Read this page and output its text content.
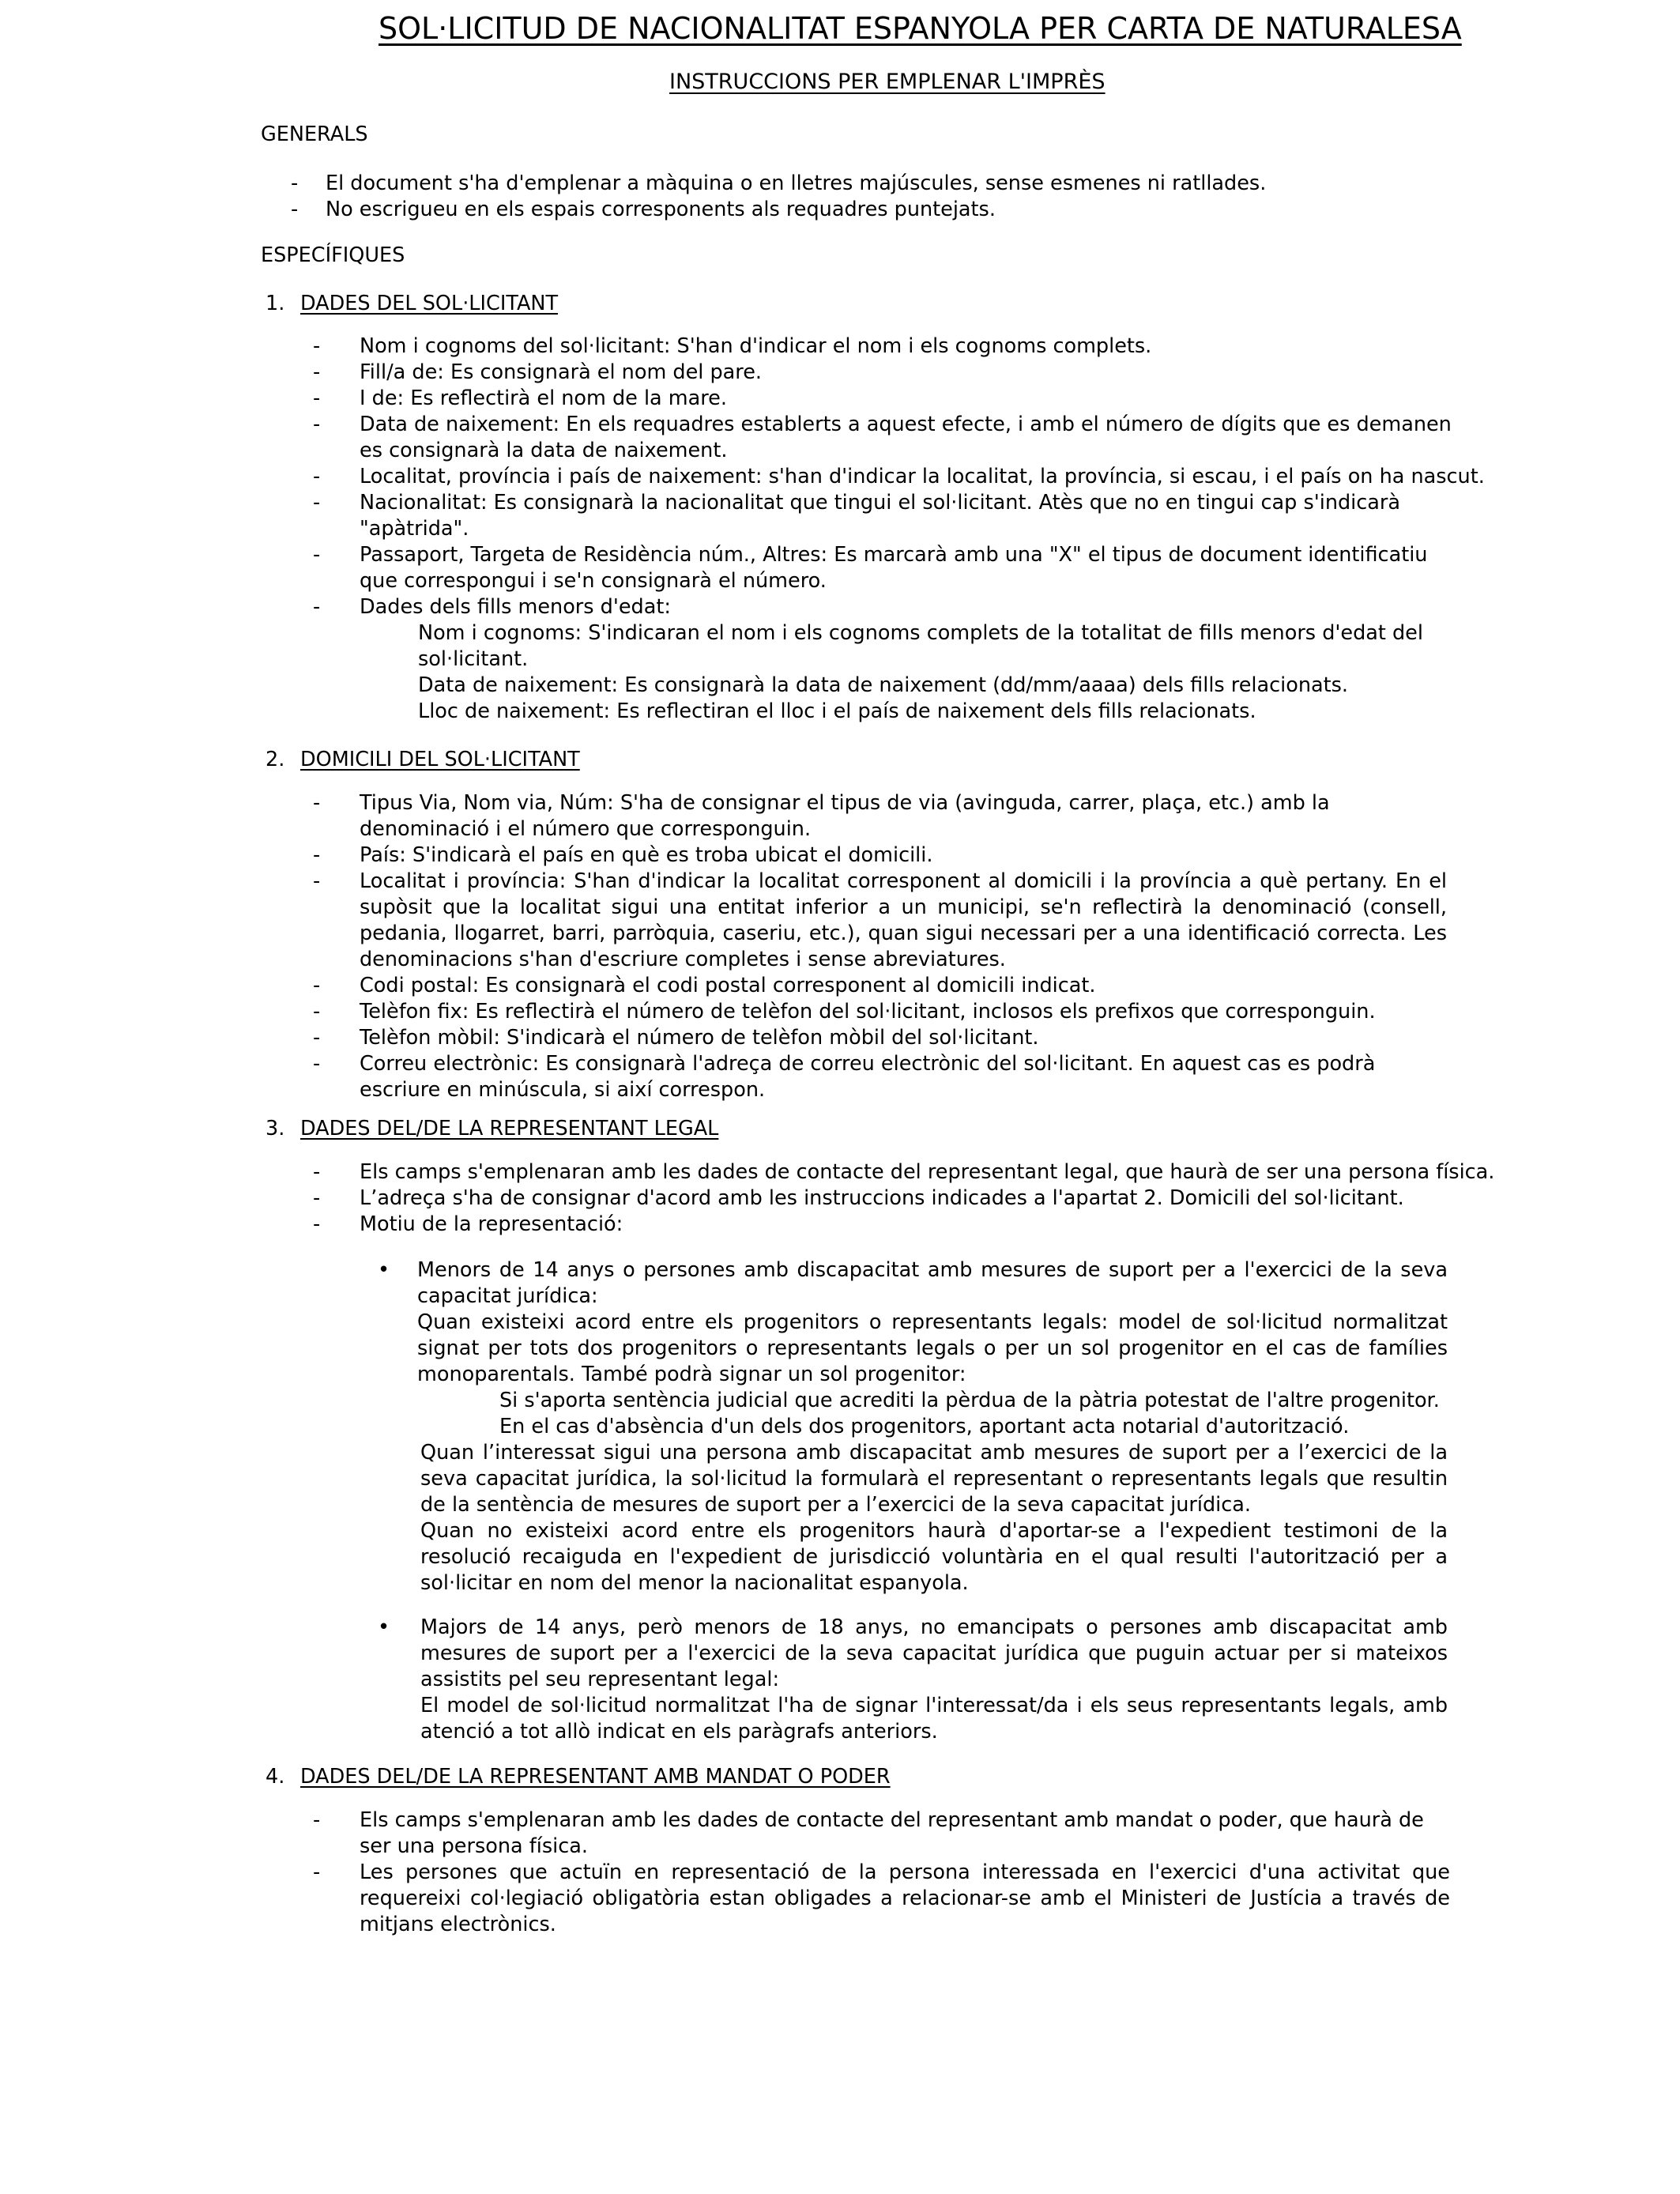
SOL·LICITUD DE NACIONALITAT ESPANYOLA PER CARTA DE NATURALESA
INSTRUCCIONS PER EMPLENAR L'IMPRÈS
GENERALS
- El document s'ha d'emplenar a màquina o en lletres majúscules, sense esmenes ni ratllades.
- No escrigueu en els espais corresponents als requadres puntejats.
ESPECÍFIQUES
1. DADES DEL SOL·LICITANT
- Nom i cognoms del sol·licitant: S'han d'indicar el nom i els cognoms complets.
- Fill/a de: Es consignarà el nom del pare.
- I de: Es reflectirà el nom de la mare.
- Data de naixement: En els requadres establerts a aquest efecte, i amb el número de dígits que es demanen es consignarà la data de naixement.
- Localitat, província i país de naixement: s'han d'indicar la localitat, la província, si escau, i el país on ha nascut.
- Nacionalitat: Es consignarà la nacionalitat que tingui el sol·licitant. Atès que no en tingui cap s'indicarà "apàtrida".
- Passaport, Targeta de Residència núm., Altres: Es marcarà amb una "X" el tipus de document identificatiu que correspongui i se'n consignarà el número.
- Dades dels fills menors d'edat:
Nom i cognoms: S'indicaran el nom i els cognoms complets de la totalitat de fills menors d'edat del sol·licitant.
Data de naixement: Es consignarà la data de naixement (dd/mm/aaaa) dels fills relacionats.
Lloc de naixement: Es reflectiran el lloc i el país de naixement dels fills relacionats.
2. DOMICILI DEL SOL·LICITANT
- Tipus Via, Nom via, Núm: S'ha de consignar el tipus de via (avinguda, carrer, plaça, etc.) amb la denominació i el número que corresponguin.
- País: S'indicarà el país en què es troba ubicat el domicili.
- Localitat i província: S'han d'indicar la localitat corresponent al domicili i la província a què pertany. En el supòsit que la localitat sigui una entitat inferior a un municipi, se'n reflectirà la denominació (consell, pedania, llogarret, barri, parròquia, caseriu, etc.), quan sigui necessari per a una identificació correcta. Les denominacions s'han d'escriure completes i sense abreviatures.
- Codi postal: Es consignarà el codi postal corresponent al domicili indicat.
- Telèfon fix: Es reflectirà el número de telèfon del sol·licitant, inclosos els prefixos que corresponguin.
- Telèfon mòbil: S'indicarà el número de telèfon mòbil del sol·licitant.
- Correu electrònic: Es consignarà l'adreça de correu electrònic del sol·licitant. En aquest cas es podrà escriure en minúscula, si així correspon.
3. DADES DEL/DE LA REPRESENTANT LEGAL
- Els camps s'emplenaran amb les dades de contacte del representant legal, que haurà de ser una persona física.
- L’adreça s'ha de consignar d'acord amb les instruccions indicades a l'apartat 2. Domicili del sol·licitant.
- Motiu de la representació:
• Menors de 14 anys o persones amb discapacitat amb mesures de suport per a l'exercici de la seva capacitat jurídica:
Quan existeixi acord entre els progenitors o representants legals: model de sol·licitud normalitzat signat per tots dos progenitors o representants legals o per un sol progenitor en el cas de famílies monoparentals. També podrà signar un sol progenitor:
Si s'aporta sentència judicial que acrediti la pèrdua de la pàtria potestat de l'altre progenitor.
En el cas d'absència d'un dels dos progenitors, aportant acta notarial d'autorització.
Quan l’interessat sigui una persona amb discapacitat amb mesures de suport per a l’exercici de la seva capacitat jurídica, la sol·licitud la formularà el representant o representants legals que resultin de la sentència de mesures de suport per a l’exercici de la seva capacitat jurídica.
Quan no existeixi acord entre els progenitors haurà d'aportar-se a l'expedient testimoni de la resolució recaiguda en l'expedient de jurisdicció voluntària en el qual resulti l'autorització per a sol·licitar en nom del menor la nacionalitat espanyola.
• Majors de 14 anys, però menors de 18 anys, no emancipats o persones amb discapacitat amb mesures de suport per a l'exercici de la seva capacitat jurídica que puguin actuar per si mateixos assistits pel seu representant legal:
El model de sol·licitud normalitzat l'ha de signar l'interessat/da i els seus representants legals, amb atenció a tot allò indicat en els paràgrafs anteriors.
4. DADES DEL/DE LA REPRESENTANT AMB MANDAT O PODER
- Els camps s'emplenaran amb les dades de contacte del representant amb mandat o poder, que haurà de ser una persona física.
- Les persones que actuïn en representació de la persona interessada en l'exercici d'una activitat que requereixi col·legiació obligatòria estan obligades a relacionar-se amb el Ministeri de Justícia a través de mitjans electrònics.
